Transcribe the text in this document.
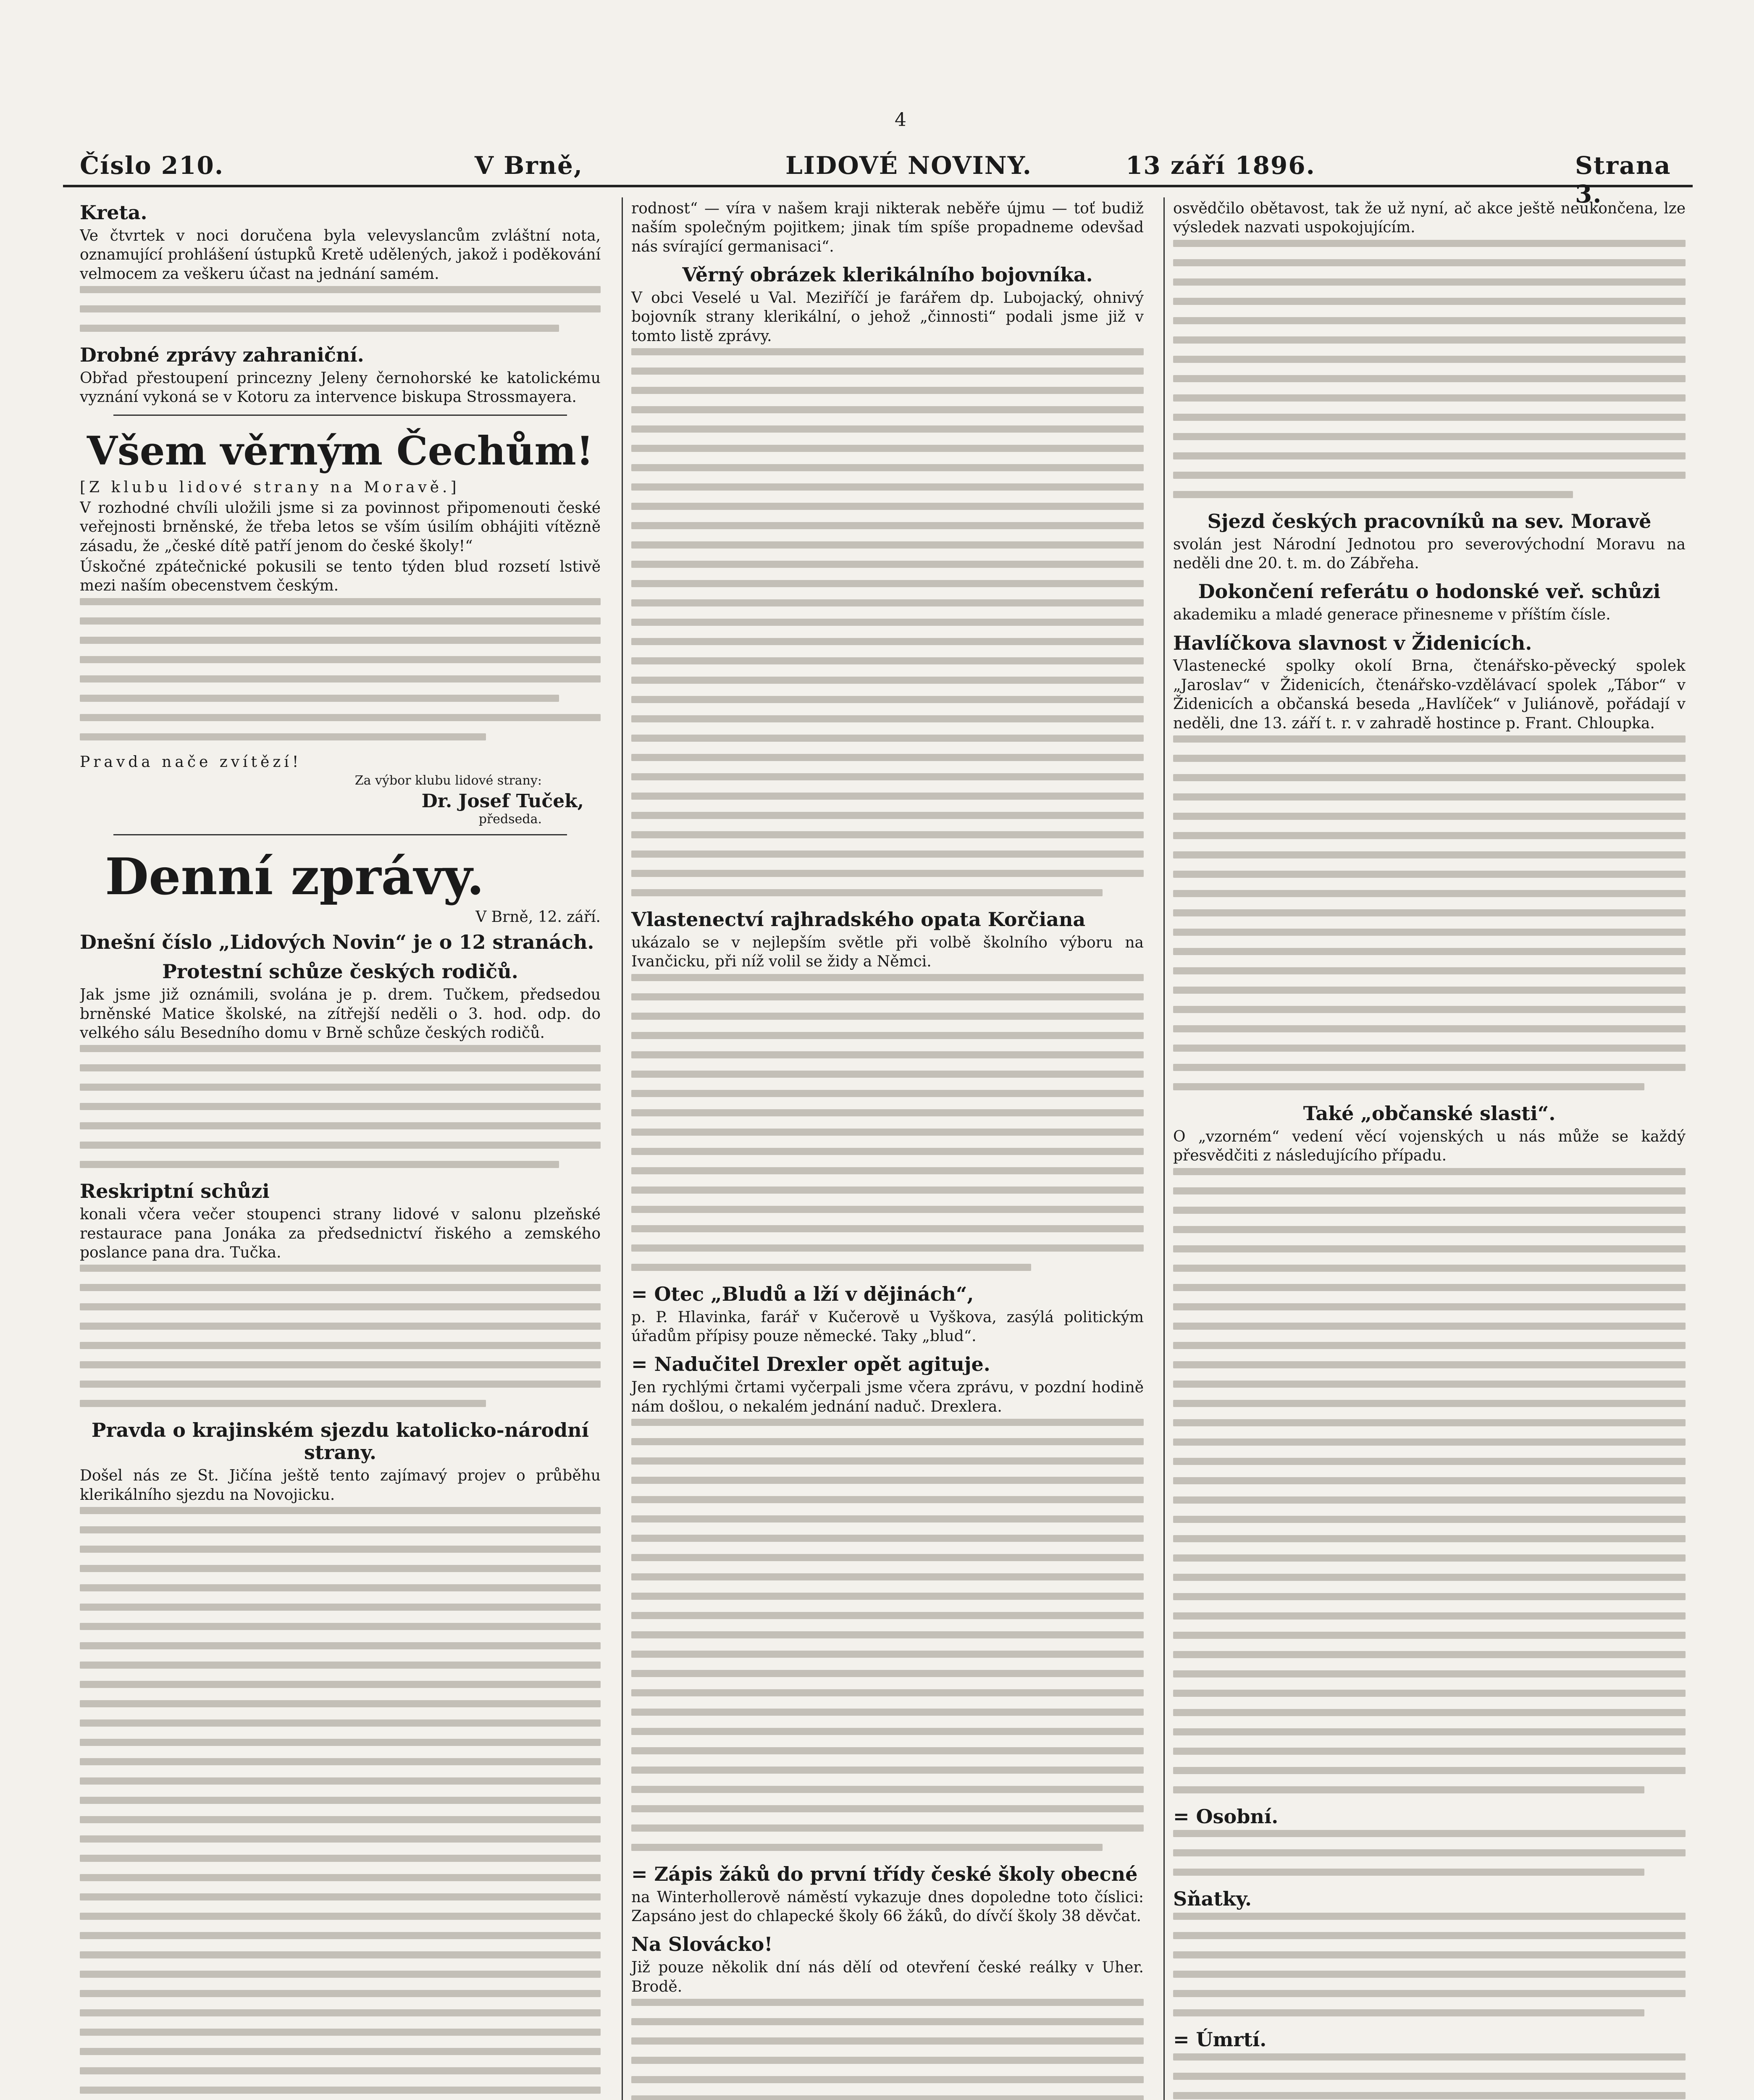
4
Číslo 210.	V Brně,	LIDOVÉ NOVINY.	13 září 1896.	Strana 3.
Kreta.
Ve čtvrtek v noci doručena byla velevyslancům zvláštní nota, oznamující prohlášení ústupků Kretě udělených, jakož i poděkování velmocem za veškeru účast na jednání samém.
Drobné zprávy zahraniční.
Obřad přestoupení princezny Jeleny černohorské ke katolickému vyznání vykoná se v Kotoru za intervence biskupa Strossmayera.
Všem věrným Čechům!
[Z klubu lidové strany na Moravě.]
V rozhodné chvíli uložili jsme si za povinnost připomenouti české veřejnosti brněnské, že třeba letos se vším úsilím obhájiti vítězně zásadu, že „české dítě patří jenom do české školy!“
Úskočné zpátečnické pokusili se tento týden blud rozsetí lstivě mezi naším obecenstvem českým.
Pravda nače zvítězí!
Za výbor klubu lidové strany:
Dr. Josef Tuček,
předseda.
Denní zprávy.
V Brně, 12. září.
Dnešní číslo „Lidových Novin“ je o 12 stranách.
Protestní schůze českých rodičů.
Jak jsme již oznámili, svolána je p. drem. Tučkem, předsedou brněnské Matice školské, na zítřejší neděli o 3. hod. odp. do velkého sálu Besedního domu v Brně schůze českých rodičů.
Reskriptní schůzi
konali včera večer stoupenci strany lidové v salonu plzeňské restaurace pana Jonáka za předsednictví řiského a zemského poslance pana dra. Tučka.
Pravda o krajinském sjezdu katolicko-národní strany.
Došel nás ze St. Jičína ještě tento zajímavý projev o průběhu klerikálního sjezdu na Novojicku.
rodnost“ — víra v našem kraji nikterak neběře újmu — toť budiž naším společným pojitkem; jinak tím spíše propadneme odevšad nás svírající germanisaci“.
Věrný obrázek klerikálního bojovníka.
V obci Veselé u Val. Meziříčí je farářem dp. Lubojacký, ohnivý bojovník strany klerikální, o jehož „činnosti“ podali jsme již v tomto listě zprávy.
Vlastenectví rajhradského opata Korčiana
ukázalo se v nejlepším světle při volbě školního výboru na Ivančicku, při níž volil se židy a Němci.
= Otec „Bludů a lží v dějinách“,
p. P. Hlavinka, farář v Kučerově u Vyškova, zasýlá politickým úřadům přípisy pouze německé. Taky „blud“.
= Nadučitel Drexler opět agituje.
Jen rychlými črtami vyčerpali jsme včera zprávu, v pozdní hodině nám došlou, o nekalém jednání naduč. Drexlera.
= Zápis žáků do první třídy české školy obecné
na Winterhollerově náměstí vykazuje dnes dopoledne toto číslici: Zapsáno jest do chlapecké školy 66 žáků, do dívčí školy 38 děvčat.
Na Slovácko!
Již pouze několik dní nás dělí od otevření české reálky v Uher. Brodě.
osvědčilo obětavost, tak že už nyní, ač akce ještě neukončena, lze výsledek nazvati uspokojujícím.
Sjezd českých pracovníků na sev. Moravě
svolán jest Národní Jednotou pro severovýchodní Moravu na neděli dne 20. t. m. do Zábřeha.
Dokončení referátu o hodonské veř. schůzi
akademiku a mladé generace přinesneme v příštím čísle.
Havlíčkova slavnost v Židenicích.
Vlastenecké spolky okolí Brna, čtenářsko-pěvecký spolek „Jaroslav“ v Židenicích, čtenářsko-vzdělávací spolek „Tábor“ v Židenicích a občanská beseda „Havlíček“ v Juliánově, pořádají v neděli, dne 13. září t. r. v zahradě hostince p. Frant. Chloupka.
Také „občanské slasti“.
O „vzorném“ vedení věcí vojenských u nás může se každý přesvědčiti z následujícího případu.
= Osobní.
Sňatky.
= Úmrtí.
